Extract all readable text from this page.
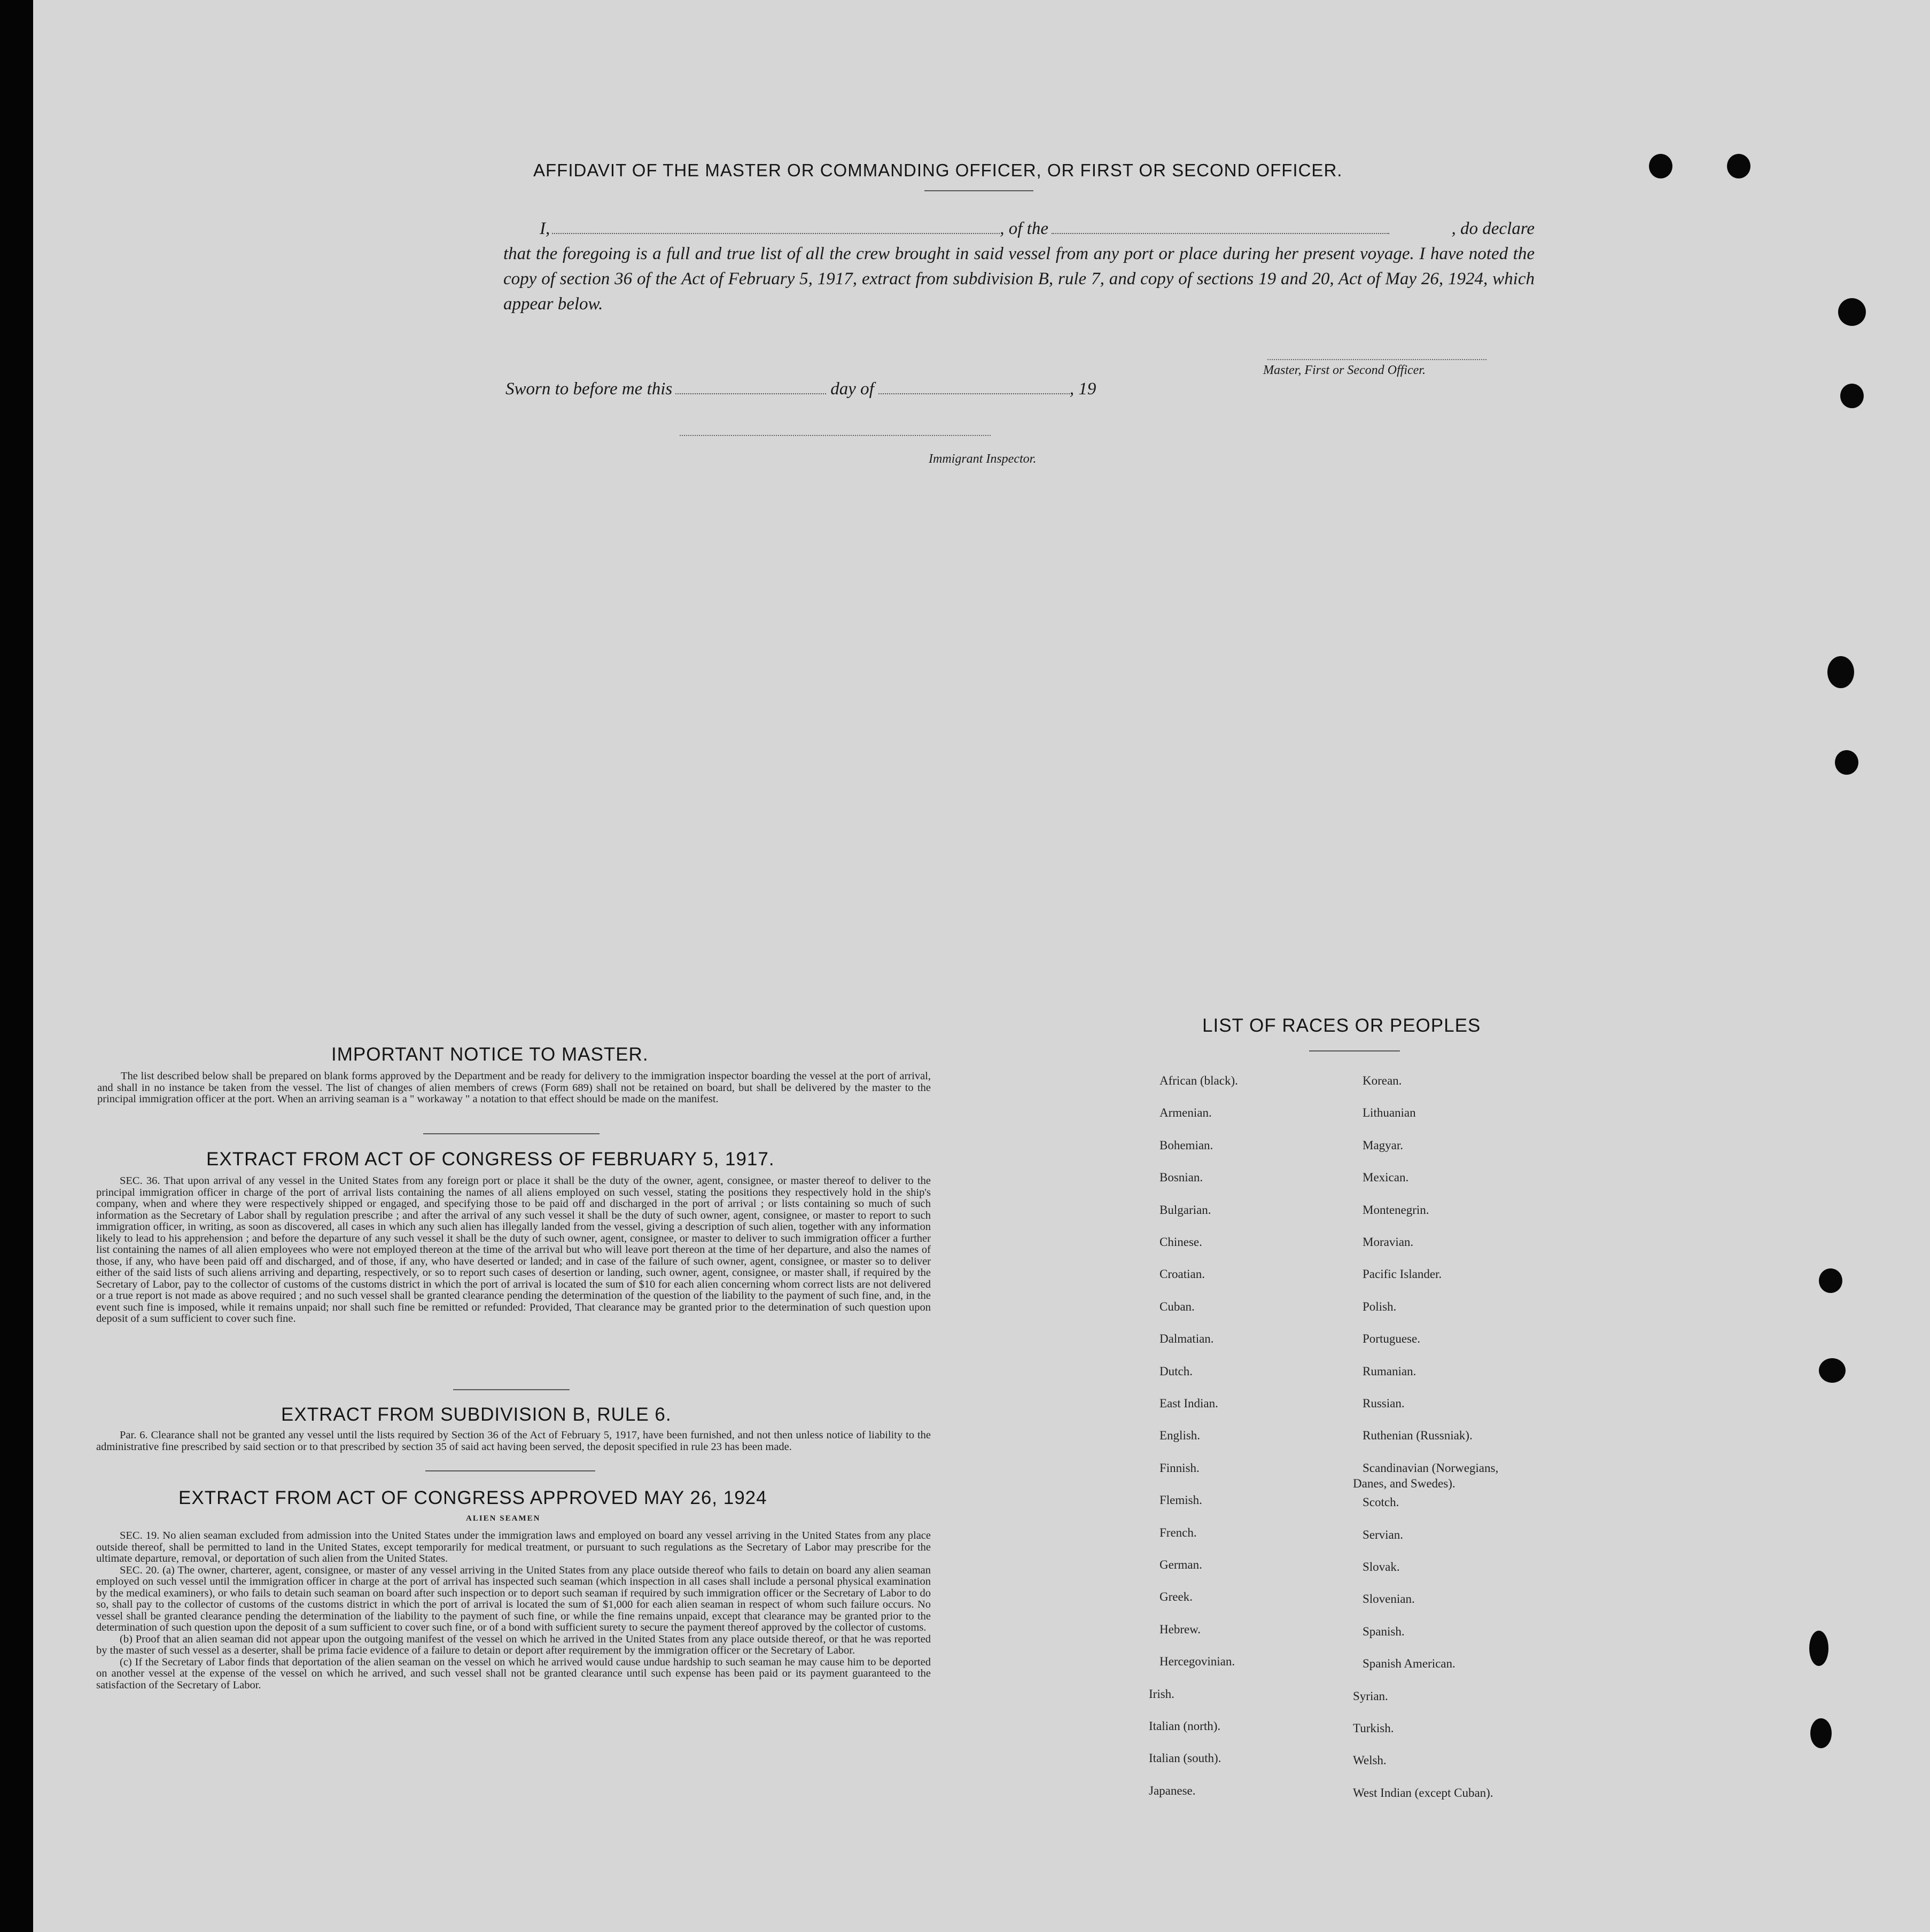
AFFIDAVIT OF THE MASTER OR COMMANDING OFFICER, OR FIRST OR SECOND OFFICER.
I,	, of the	, do declare
that the foregoing is a full and true list of all the crew brought in said vessel from any port or place during her present voyage. I have noted the copy of section 36 of the Act of February 5, 1917, extract from subdivision B, rule 7, and copy of sections 19 and 20, Act of May 26, 1924, which appear below.
Master, First or Second Officer.
Sworn to before me this	day of	, 19
Immigrant Inspector.
IMPORTANT NOTICE TO MASTER.

The list described below shall be prepared on blank forms approved by the Department and be ready for delivery to the immigration inspector boarding the vessel at the port of arrival, and shall in no instance be taken from the vessel. The list of changes of alien members of crews (Form 689) shall not be retained on board, but shall be delivered by the master to the principal immigration officer at the port. When an arriving seaman is a " workaway " a notation to that effect should be made on the manifest.

EXTRACT FROM ACT OF CONGRESS OF FEBRUARY 5, 1917.

SEC. 36. That upon arrival of any vessel in the United States from any foreign port or place it shall be the duty of the owner, agent, consignee, or master thereof to deliver to the principal immigration officer in charge of the port of arrival lists containing the names of all aliens employed on such vessel, stating the positions they respectively hold in the ship's company, when and where they were respectively shipped or engaged, and specifying those to be paid off and discharged in the port of arrival ; or lists containing so much of such information as the Secretary of Labor shall by regulation prescribe ; and after the arrival of any such vessel it shall be the duty of such owner, agent, consignee, or master to report to such immigration officer, in writing, as soon as discovered, all cases in which any such alien has illegally landed from the vessel, giving a description of such alien, together with any information likely to lead to his apprehension ; and before the departure of any such vessel it shall be the duty of such owner, agent, consignee, or master to deliver to such immigration officer a further list containing the names of all alien employees who were not employed thereon at the time of the arrival but who will leave port thereon at the time of her departure, and also the names of those, if any, who have been paid off and discharged, and of those, if any, who have deserted or landed; and in case of the failure of such owner, agent, consignee, or master so to deliver either of the said lists of such aliens arriving and departing, respectively, or so to report such cases of desertion or landing, such owner, agent, consignee, or master shall, if required by the Secretary of Labor, pay to the collector of customs of the customs district in which the port of arrival is located the sum of $10 for each alien concerning whom correct lists are not delivered or a true report is not made as above required ; and no such vessel shall be granted clearance pending the determination of the question of the liability to the payment of such fine, and, in the event such fine is imposed, while it remains unpaid; nor shall such fine be remitted or refunded: Provided, That clearance may be granted prior to the determination of such question upon deposit of a sum sufficient to cover such fine.

EXTRACT FROM SUBDIVISION B, RULE 6.

Par. 6. Clearance shall not be granted any vessel until the lists required by Section 36 of the Act of February 5, 1917, have been furnished, and not then unless notice of liability to the administrative fine prescribed by said section or to that prescribed by section 35 of said act having been served, the deposit specified in rule 23 has been made.

EXTRACT FROM ACT OF CONGRESS APPROVED MAY 26, 1924
ALIEN SEAMEN

SEC. 19. No alien seaman excluded from admission into the United States under the immigration laws and employed on board any vessel arriving in the United States from any place outside thereof, shall be permitted to land in the United States, except temporarily for medical treatment, or pursuant to such regulations as the Secretary of Labor may prescribe for the ultimate departure, removal, or deportation of such alien from the United States.

SEC. 20. (a) The owner, charterer, agent, consignee, or master of any vessel arriving in the United States from any place outside thereof who fails to detain on board any alien seaman employed on such vessel until the immigration officer in charge at the port of arrival has inspected such seaman (which inspection in all cases shall include a personal physical examination by the medical examiners), or who fails to detain such seaman on board after such inspection or to deport such seaman if required by such immigration officer or the Secretary of Labor to do so, shall pay to the collector of customs of the customs district in which the port of arrival is located the sum of $1,000 for each alien seaman in respect of whom such failure occurs. No vessel shall be granted clearance pending the determination of the liability to the payment of such fine, or while the fine remains unpaid, except that clearance may be granted prior to the determination of such question upon the deposit of a sum sufficient to cover such fine, or of a bond with sufficient surety to secure the payment thereof approved by the collector of customs.

(b) Proof that an alien seaman did not appear upon the outgoing manifest of the vessel on which he arrived in the United States from any place outside thereof, or that he was reported by the master of such vessel as a deserter, shall be prima facie evidence of a failure to detain or deport after requirement by the immigration officer or the Secretary of Labor.

(c) If the Secretary of Labor finds that deportation of the alien seaman on the vessel on which he arrived would cause undue hardship to such seaman he may cause him to be deported on another vessel at the expense of the vessel on which he arrived, and such vessel shall not be granted clearance until such expense has been paid or its payment guaranteed to the satisfaction of the Secretary of Labor.

LIST OF RACES OR PEOPLES
African (black).
Armenian.
Bohemian.
Bosnian.
Bulgarian.
Chinese.
Croatian.
Cuban.
Dalmatian.
Dutch.
East Indian.
English.
Finnish.
Flemish.
French.
German.
Greek.
Hebrew.
Hercegovinian.
Irish.
Italian (north).
Italian (south).
Japanese.
Korean.
Lithuanian
Magyar.
Mexican.
Montenegrin.
Moravian.
Pacific Islander.
Polish.
Portuguese.
Rumanian.
Russian.
Ruthenian (Russniak).
Scandinavian (Norwegians,
Scotch.
Servian.
Slovak.
Slovenian.
Spanish.
Spanish American.
Syrian.
Turkish.
Welsh.
West Indian (except Cuban).
Danes, and Swedes).
